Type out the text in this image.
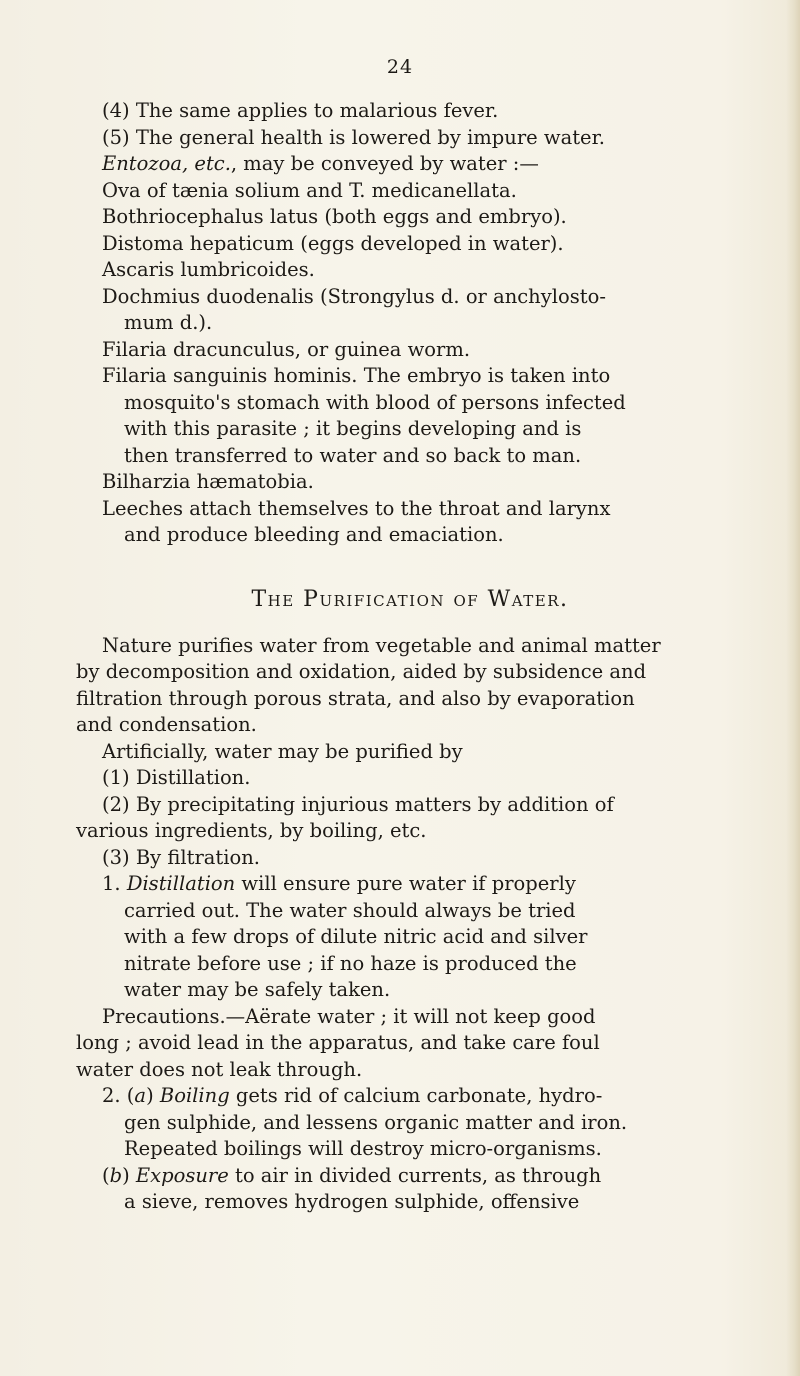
24
(4) The same applies to malarious fever.
(5) The general health is lowered by impure water.
Entozoa, etc., may be conveyed by water :—
Ova of tænia solium and T. medicanellata.
Bothriocephalus latus (both eggs and embryo).
Distoma hepaticum (eggs developed in water).
Ascaris lumbricoides.
Dochmius duodenalis (Strongylus d. or anchylosto-
mum d.).
Filaria dracunculus, or guinea worm.
Filaria sanguinis hominis. The embryo is taken into
mosquito's stomach with blood of persons infected
with this parasite ; it begins developing and is
then transferred to water and so back to man.
Bilharzia hæmatobia.
Leeches attach themselves to the throat and larynx
and produce bleeding and emaciation.
The Purification of Water.
Nature purifies water from vegetable and animal matter
by decomposition and oxidation, aided by subsidence and
filtration through porous strata, and also by evaporation
and condensation.
Artificially, water may be purified by
(1) Distillation.
(2) By precipitating injurious matters by addition of
various ingredients, by boiling, etc.
(3) By filtration.
1. Distillation will ensure pure water if properly
carried out. The water should always be tried
with a few drops of dilute nitric acid and silver
nitrate before use ; if no haze is produced the
water may be safely taken.
Precautions.—Aërate water ; it will not keep good
long ; avoid lead in the apparatus, and take care foul
water does not leak through.
2. (a) Boiling gets rid of calcium carbonate, hydro-
gen sulphide, and lessens organic matter and iron.
Repeated boilings will destroy micro-organisms.
(b) Exposure to air in divided currents, as through
a sieve, removes hydrogen sulphide, offensive
